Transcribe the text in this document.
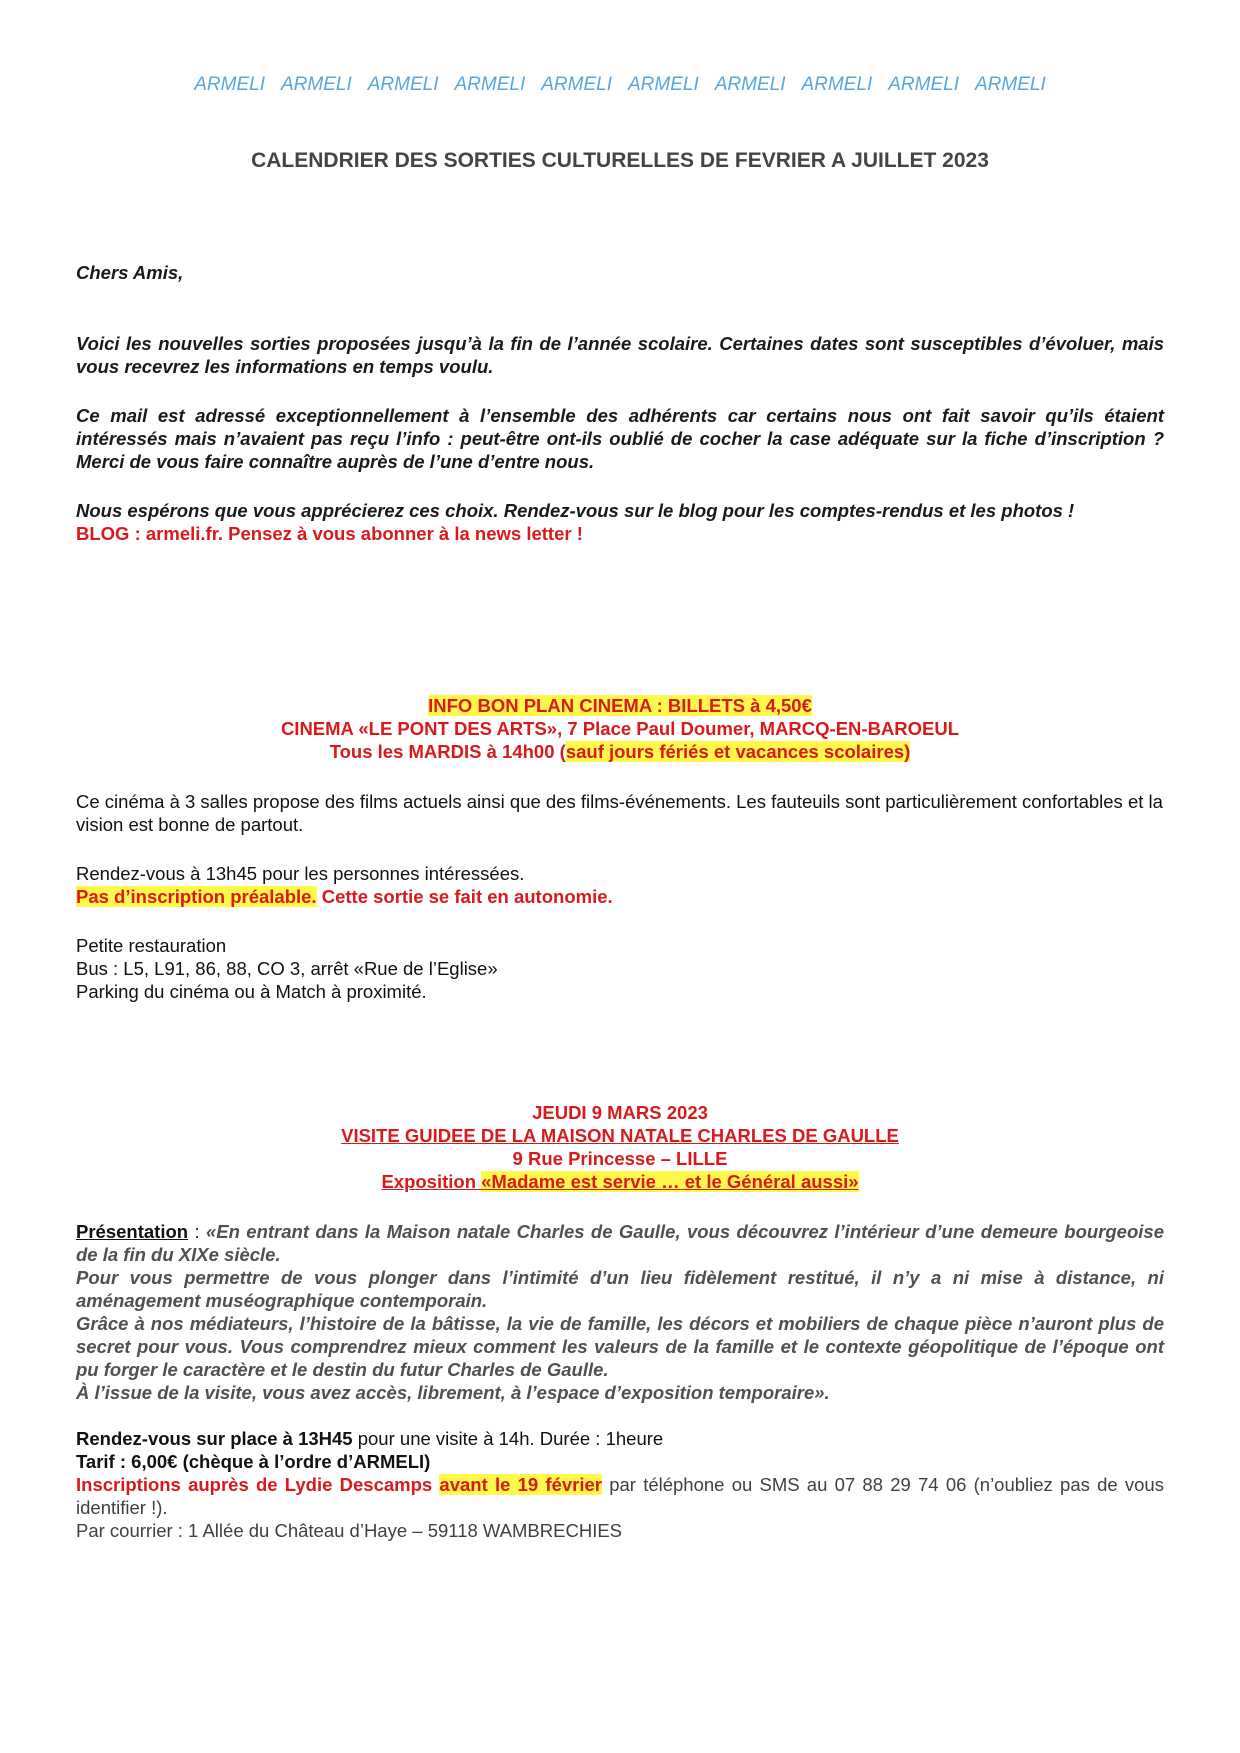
ARMELI ARMELI ARMELI ARMELI ARMELI ARMELI ARMELI ARMELI ARMELI ARMELI
CALENDRIER DES SORTIES CULTURELLES DE FEVRIER A JUILLET 2023

Chers Amis,

Voici les nouvelles sorties proposées jusqu’à la fin de l’année scolaire. Certaines dates sont susceptibles d’évoluer, mais vous recevrez les informations en temps voulu.

Ce mail est adressé exceptionnellement à l’ensemble des adhérents car certains nous ont fait savoir qu’ils étaient intéressés mais n’avaient pas reçu l’info : peut-être ont-ils oublié de cocher la case adéquate sur la fiche d’inscription ? Merci de vous faire connaître auprès de l’une d’entre nous.

Nous espérons que vous apprécierez ces choix. Rendez-vous sur le blog pour les comptes-rendus et les photos !

BLOG : armeli.fr. Pensez à vous abonner à la news letter !

INFO BON PLAN CINEMA : BILLETS à 4,50€

CINEMA «LE PONT DES ARTS», 7 Place Paul Doumer, MARCQ-EN-BAROEUL

Tous les MARDIS à 14h00 (sauf jours fériés et vacances scolaires)

Ce cinéma à 3 salles propose des films actuels ainsi que des films-événements. Les fauteuils sont particulièrement confortables et la vision est bonne de partout.

Rendez-vous à 13h45 pour les personnes intéressées.

Pas d’inscription préalable. Cette sortie se fait en autonomie.

Petite restauration

Bus : L5, L91, 86, 88, CO 3, arrêt «Rue de l’Eglise»

Parking du cinéma ou à Match à proximité.

JEUDI 9 MARS 2023

VISITE GUIDEE DE LA MAISON NATALE CHARLES DE GAULLE

9 Rue Princesse – LILLE

Exposition «Madame est servie … et le Général aussi»

Présentation : «En entrant dans la Maison natale Charles de Gaulle, vous découvrez l’intérieur d’une demeure bourgeoise de la fin du XIXe siècle.

Pour vous permettre de vous plonger dans l’intimité d’un lieu fidèlement restitué, il n’y a ni mise à distance, ni aménagement muséographique contemporain.

Grâce à nos médiateurs, l’histoire de la bâtisse, la vie de famille, les décors et mobiliers de chaque pièce n’auront plus de secret pour vous. Vous comprendrez mieux comment les valeurs de la famille et le contexte géopolitique de l’époque ont pu forger le caractère et le destin du futur Charles de Gaulle.

À l’issue de la visite, vous avez accès, librement, à l’espace d’exposition temporaire».

Rendez-vous sur place à 13H45 pour une visite à 14h. Durée : 1heure

Tarif : 6,00€ (chèque à l’ordre d’ARMELI)

Inscriptions auprès de Lydie Descamps avant le 19 février par téléphone ou SMS au 07 88 29 74 06 (n’oubliez pas de vous identifier !).

Par courrier : 1 Allée du Château d’Haye – 59118 WAMBRECHIES
